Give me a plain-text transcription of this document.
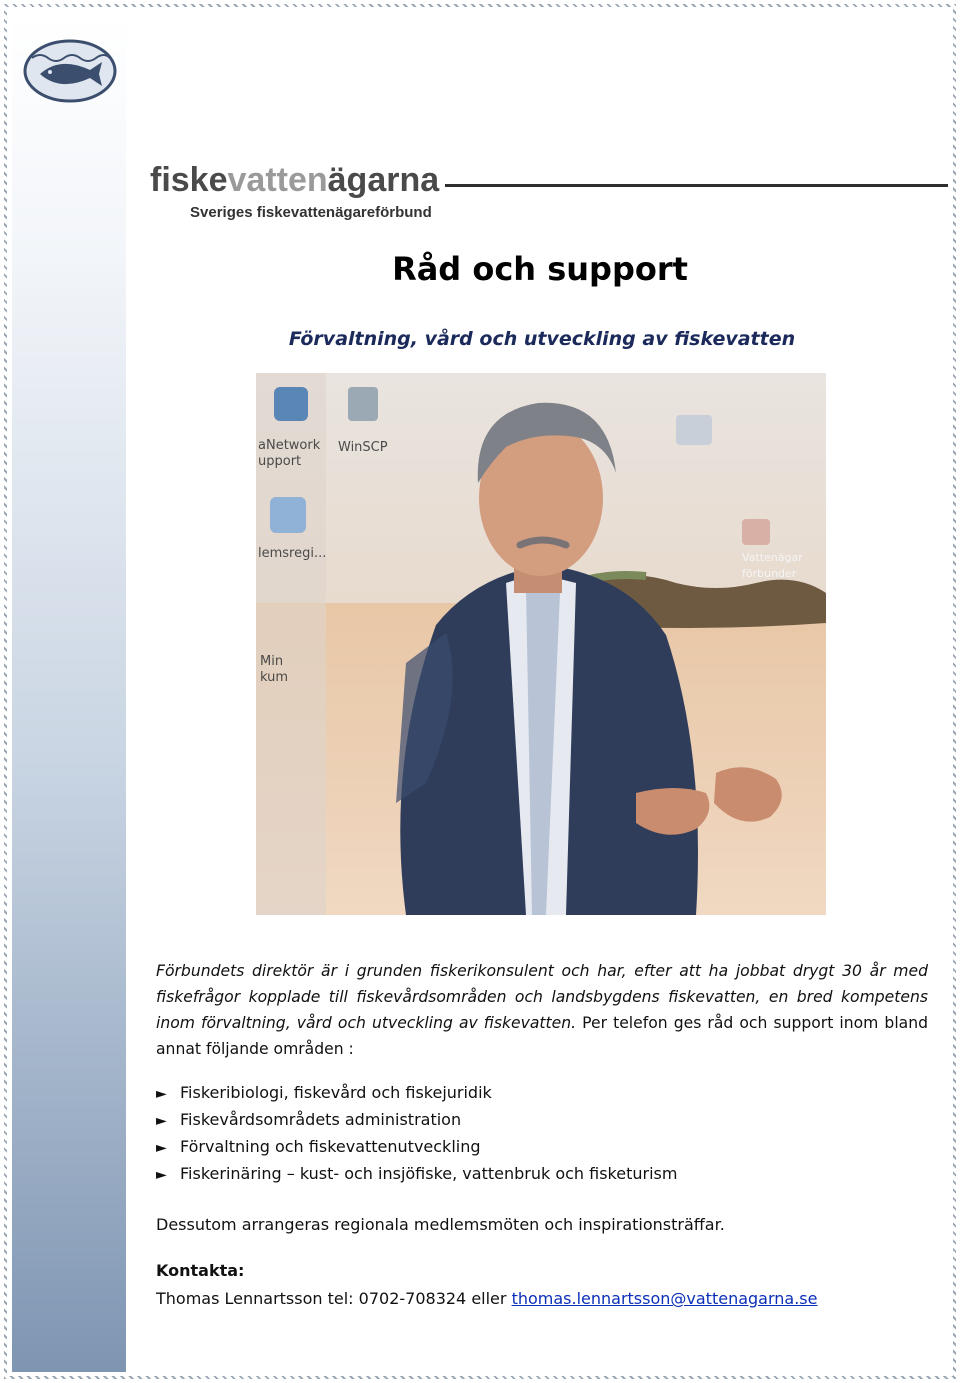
fiskevattenägarna
Sveriges fiskevattenägareförbund
Råd och support
Förvaltning, vård och utveckling av fiskevatten
aNetwork
upport
WinSCP
lemsregi...
Min
kum
Vattenägar
förbunder
Förbundets direktör är i grunden fiskerikonsulent och har, efter att ha jobbat drygt 30 år med fiskefrågor kopplade till fiskevårdsområden och landsbygdens fiskevatten, en bred kompetens inom förvaltning, vård och utveckling av fiskevatten. Per telefon ges råd och support inom bland annat följande områden :
► Fiskeribiologi, fiskevård och fiskejuridik
► Fiskevårdsområdets administration
► Förvaltning och fiskevattenutveckling
► Fiskerinäring – kust- och insjöfiske, vattenbruk och fisketurism
Dessutom arrangeras regionala medlemsmöten och inspirationsträffar.
Kontakta:
Thomas Lennartsson tel: 0702-708324 eller thomas.lennartsson@vattenagarna.se
